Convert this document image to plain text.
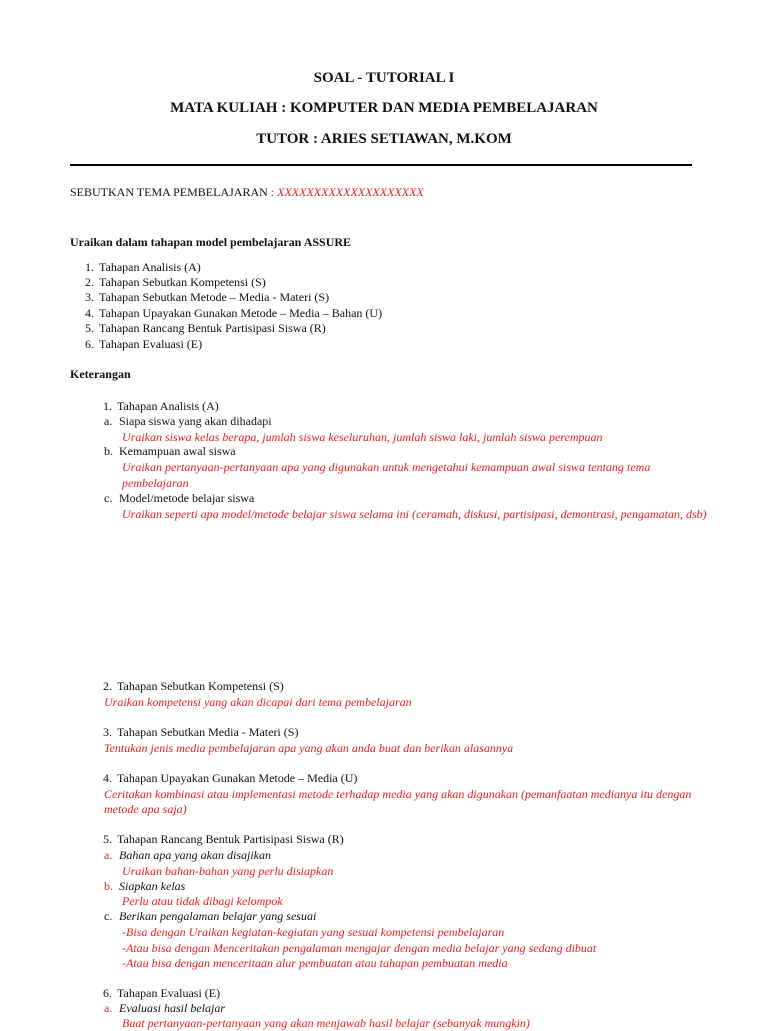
SOAL - TUTORIAL I
MATA KULIAH : KOMPUTER DAN MEDIA PEMBELAJARAN
TUTOR : ARIES SETIAWAN, M.KOM
SEBUTKAN TEMA PEMBELAJARAN : XXXXXXXXXXXXXXXXXXXX
Uraikan dalam tahapan model pembelajaran ASSURE
1. Tahapan Analisis (A)
2. Tahapan Sebutkan Kompetensi (S)
3. Tahapan Sebutkan Metode – Media - Materi (S)
4. Tahapan Upayakan Gunakan Metode – Media – Bahan (U)
5. Tahapan Rancang Bentuk Partisipasi Siswa (R)
6. Tahapan Evaluasi (E)
Keterangan
1. Tahapan Analisis (A)
a. Siapa siswa yang akan dihadapi
Uraikan siswa kelas berapa, jumlah siswa keseluruhan, jumlah siswa laki, jumlah siswa perempuan
b. Kemampuan awal siswa
Uraikan pertanyaan-pertanyaan apa yang digunakan untuk mengetahui kemampuan awal siswa tentang tema
pembelajaran
c. Model/metode belajar siswa
Uraikan seperti apa model/metode belajar siswa selama ini (ceramah, diskusi, partisipasi, demontrasi, pengamatan, dsb)
2. Tahapan Sebutkan Kompetensi (S)
Uraikan kompetensi yang akan dicapai dari tema pembelajaran
3. Tahapan Sebutkan Media - Materi (S)
Tentukan jenis media pembelajaran apa yang akan anda buat dan berikan alasannya
4. Tahapan Upayakan Gunakan Metode – Media (U)
Ceritakan kombinasi atau implementasi metode terhadap media yang akan digunakan (pemanfaatan medianya itu dengan
metode apa saja)
5. Tahapan Rancang Bentuk Partisipasi Siswa (R)
a. Bahan apa yang akan disajikan
Uraikan bahan-bahan yang perlu disiapkan
b. Siapkan kelas
Perlu atau tidak dibagi kelompok
c. Berikan pengalaman belajar yang sesuai
-Bisa dengan Uraikan kegiatan-kegiatan yang sesuai kompetensi pembelajaran
-Atau bisa dengan Menceritakan pengalaman mengajar dengan media belajar yang sedang dibuat
-Atau bisa dengan menceritaan alur pembuatan atau tahapan pembuatan media
6. Tahapan Evaluasi (E)
a. Evaluasi hasil belajar
Buat pertanyaan-pertanyaan yang akan menjawab hasil belajar (sebanyak mungkin)
